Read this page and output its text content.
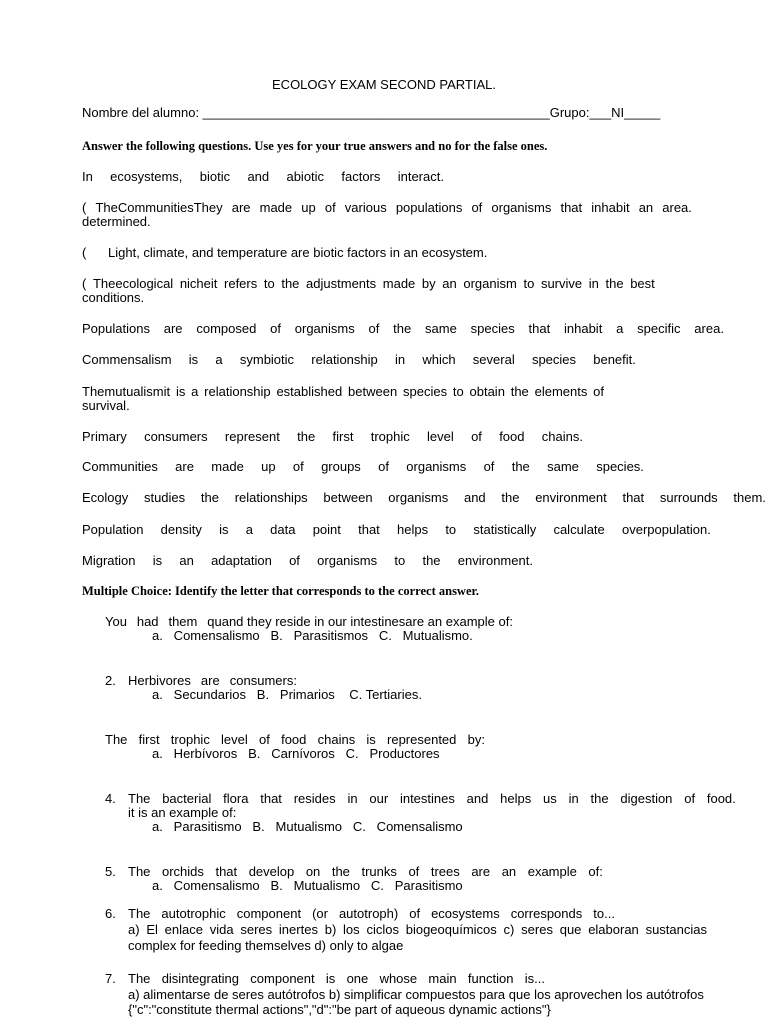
ECOLOGY EXAM SECOND PARTIAL.
Nombre del alumno: ________________________________________________Grupo:___NI_____
Answer the following questions. Use yes for your true answers and no for the false ones.
In ecosystems, biotic and abiotic factors interact.
( TheCommunitiesThey are made up of various populations of organisms that inhabit an area.
determined.
(      Light, climate, and temperature are biotic factors in an ecosystem.
( Theecological nicheit refers to the adjustments made by an organism to survive in the best
conditions.
Populations are composed of organisms of the same species that inhabit a specific area.
Commensalism is a symbiotic relationship in which several species benefit.
Themutualismit is a relationship established between species to obtain the elements of
survival.
Primary consumers represent the first trophic level of food chains.
Communities are made up of groups of organisms of the same species.
Ecology studies the relationships between organisms and the environment that surrounds them.
Population density is a data point that helps to statistically calculate overpopulation.
Migration is an adaptation of organisms to the environment.
Multiple Choice: Identify the letter that corresponds to the correct answer.
You had them quand they reside in our intestinesare an example of:
a.   Comensalismo   B.   Parasitismos   C.   Mutualismo.
2. Herbivores are consumers:
a.   Secundarios   B.   Primarios    C. Tertiaries.
The first trophic level of food chains is represented by:
a.   Herbívoros   B.   Carnívoros   C.   Productores
4. The bacterial flora that resides in our intestines and helps us in the digestion of food.
it is an example of:
a.   Parasitismo   B.   Mutualismo   C.   Comensalismo
5. The orchids that develop on the trunks of trees are an example of:
a.   Comensalismo   B.   Mutualismo   C.   Parasitismo
6. The autotrophic component (or autotroph) of ecosystems corresponds to...
a) El enlace vida seres inertes b) los ciclos biogeoquímicos c) seres que elaboran sustancias
complex for feeding themselves d) only to algae
7. The disintegrating component is one whose main function is...
a) alimentarse de seres autótrofos b) simplificar compuestos para que los aprovechen los autótrofos
{"c":"constitute thermal actions","d":"be part of aqueous dynamic actions"}
